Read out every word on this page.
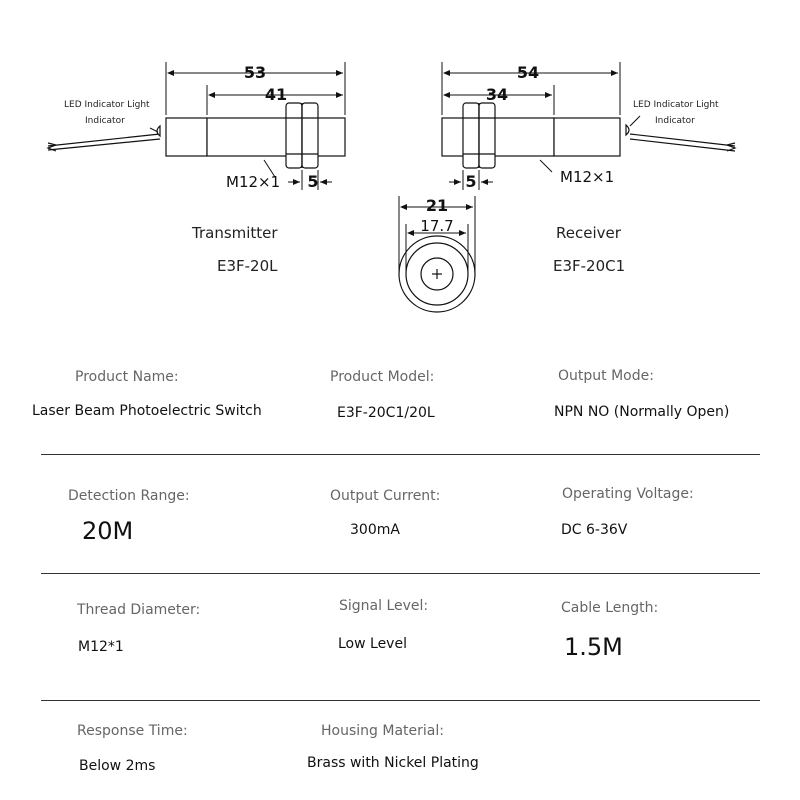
53
41
5
M12×1
LED Indicator Light
Indicator
54
34
5	M12×1
LED Indicator Light
Indicator
21
17.7
Transmitter
E3F-20L
Receiver
E3F-20C1
Product Name:
Laser Beam Photoelectric Switch
Product Model:
E3F-20C1/20L
Output Mode:
NPN NO (Normally Open)
Detection Range:
20M
Output Current:
300mA
Operating Voltage:
DC 6-36V
Thread Diameter:
M12*1
Signal Level:
Low Level
Cable Length:
1.5M
Response Time:
Below 2ms
Housing Material:
Brass with Nickel Plating
